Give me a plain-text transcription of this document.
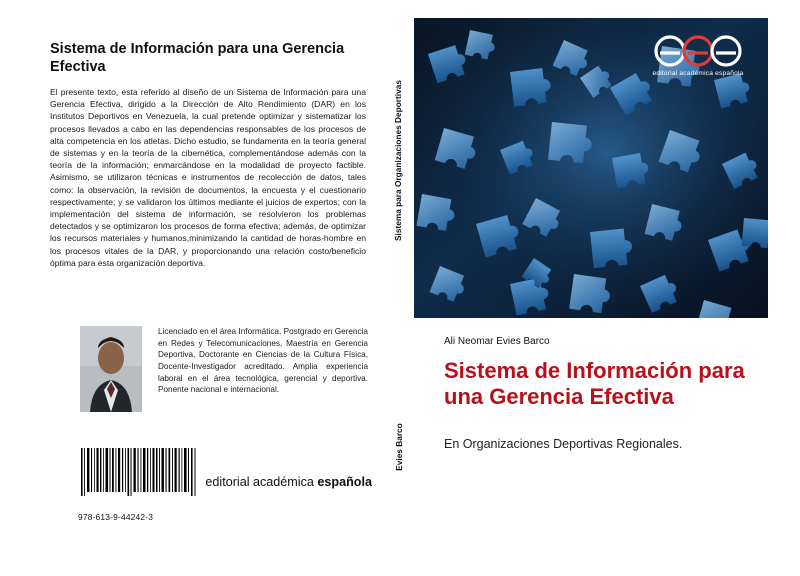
Sistema de Información para una Gerencia Efectiva
El presente texto, esta referido al diseño de un Sistema de Información para una Gerencia Efectiva, dirigido a la Dirección de Alto Rendimiento (DAR) en los Institutos Deportivos en Venezuela, la cual pretende optimizar y sistematizar los procesos llevados a cabo en las dependencias responsables de los procesos de alta competencia en los atletas. Dicho estudio, se fundamenta en la teoría general de sistemas y en la teoría de la cibernética, complementándose además con la teoría de la información; enmarcándose en la modalidad de proyecto factible. Asimismo, se utilizaron técnicas e instrumentos de recolección de datos, tales como: la observación, la revisión de documentos, la encuesta y el cuestionario respectivamente; y se validaron los últimos mediante el juicios de expertos; con la implementación del sistema de información, se resolvieron los problemas detectados y se optimizaron los procesos de forma efectiva; además, de optimizar los recursos materiales y humanos,minimizando la cantidad de horas-hombre en los procesos vitales de la DAR, y proporcionando una relación costo/beneficio óptima para esta organización deportiva.
Licenciado en el área Informática, Postgrado en Gerencia en Redes y Telecomunicaciones, Maestría en Gerencia Deportiva, Doctorante en Ciencias de la Cultura Física, Docente-Investigador acreditado. Amplia experiencia laboral en el área tecnológica, gerencial y deportiva. Ponente nacional e internacional.
editorial académica española
978-613-9-44242-3
Sistema para Organizaciones Deportivas
Evies Barco
editorial académica española
Ali Neomar Evies Barco
Sistema de Información para una Gerencia Efectiva
En Organizaciones Deportivas Regionales.
